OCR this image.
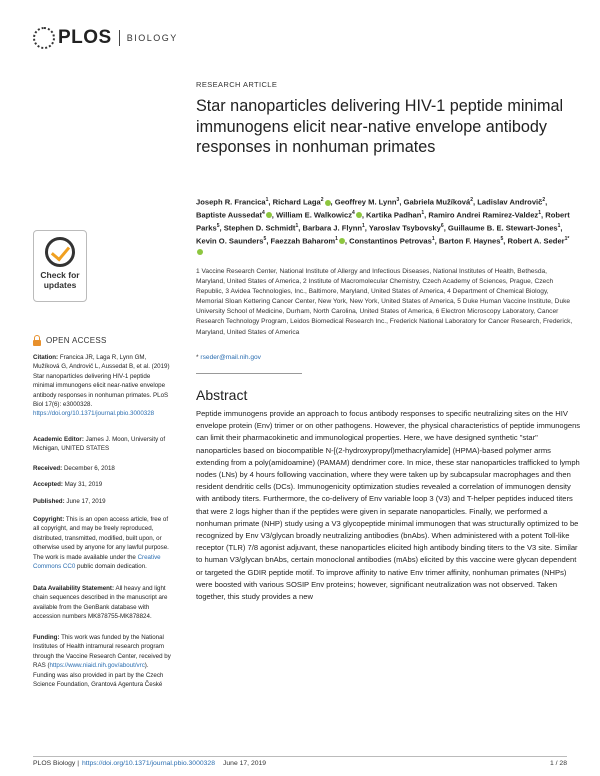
PLOS BIOLOGY
Check for
updates
OPEN ACCESS
Citation: Francica JR, Laga R, Lynn GM, Mužíková G, Androvič L, Aussedat B, et al. (2019) Star nanoparticles delivering HIV-1 peptide minimal immunogens elicit near-native envelope antibody responses in nonhuman primates. PLoS Biol 17(6): e3000328. https://doi.org/10.1371/journal.pbio.3000328
Academic Editor: James J. Moon, University of Michigan, UNITED STATES
Received: December 6, 2018
Accepted: May 31, 2019
Published: June 17, 2019
Copyright: This is an open access article, free of all copyright, and may be freely reproduced, distributed, transmitted, modified, built upon, or otherwise used by anyone for any lawful purpose. The work is made available under the Creative Commons CC0 public domain dedication.
Data Availability Statement: All heavy and light chain sequences described in the manuscript are available from the GenBank database with accession numbers MK878755-MK878824.
Funding: This work was funded by the National Institutes of Health intramural research program through the Vaccine Research Center, received by RAS (https://www.niaid.nih.gov/about/vrc). Funding was also provided in part by the Czech Science Foundation, Grantová Agentura České
RESEARCH ARTICLE
Star nanoparticles delivering HIV-1 peptide minimal immunogens elicit near-native envelope antibody responses in nonhuman primates
Joseph R. Francica$^1$, Richard Laga$^2$ , Geoffrey M. Lynn$^3$, Gabriela Mužíková$^2$, Ladislav Androvič$^2$, Baptiste Aussedat$^4$ , William E. Walkowicz$^4$ , Kartika Padhan$^1$, Ramiro Andrei Ramirez-Valdez$^1$, Robert Parks$^5$, Stephen D. Schmidt$^1$, Barbara J. Flynn$^1$, Yaroslav Tsybovsky$^6$, Guillaume B. E. Stewart-Jones$^1$, Kevin O. Saunders$^5$, Faezzah Baharom$^1$ , Constantinos Petrovas$^1$, Barton F. Haynes$^5$, Robert A. Seder$^{1*}$
1 Vaccine Research Center, National Institute of Allergy and Infectious Diseases, National Institutes of Health, Bethesda, Maryland, United States of America, 2 Institute of Macromolecular Chemistry, Czech Academy of Sciences, Prague, Czech Republic, 3 Avidea Technologies, Inc., Baltimore, Maryland, United States of America, 4 Department of Chemical Biology, Memorial Sloan Kettering Cancer Center, New York, New York, United States of America, 5 Duke Human Vaccine Institute, Duke University School of Medicine, Durham, North Carolina, United States of America, 6 Electron Microscopy Laboratory, Cancer Research Technology Program, Leidos Biomedical Research Inc., Frederick National Laboratory for Cancer Research, Frederick, Maryland, United States of America
* rseder@mail.nih.gov
Abstract
Peptide immunogens provide an approach to focus antibody responses to specific neutralizing sites on the HIV envelope protein (Env) trimer or on other pathogens. However, the physical characteristics of peptide immunogens can limit their pharmacokinetic and immunological properties. Here, we have designed synthetic "star" nanoparticles based on biocompatible N-[(2-hydroxypropyl)methacrylamide] (HPMA)-based polymer arms extending from a poly(amidoamine) (PAMAM) dendrimer core. In mice, these star nanoparticles trafficked to lymph nodes (LNs) by 4 hours following vaccination, where they were taken up by subcapsular macrophages and then resident dendritic cells (DCs). Immunogenicity optimization studies revealed a correlation of immunogen density with antibody titers. Furthermore, the co-delivery of Env variable loop 3 (V3) and T-helper peptides induced titers that were 2 logs higher than if the peptides were given in separate nanoparticles. Finally, we performed a nonhuman primate (NHP) study using a V3 glycopeptide minimal immunogen that was structurally optimized to be recognized by Env V3/glycan broadly neutralizing antibodies (bnAbs). When administered with a potent Toll-like receptor (TLR) 7/8 agonist adjuvant, these nanoparticles elicited high antibody binding titers to the V3 site. Similar to human V3/glycan bnAbs, certain monoclonal antibodies (mAbs) elicited by this vaccine were glycan dependent or targeted the GDIR peptide motif. To improve affinity to native Env trimer affinity, nonhuman primates (NHPs) were boosted with various SOSIP Env proteins; however, significant neutralization was not observed. Taken together, this study provides a new
PLOS Biology | https://doi.org/10.1371/journal.pbio.3000328 June 17, 2019	1 / 28
